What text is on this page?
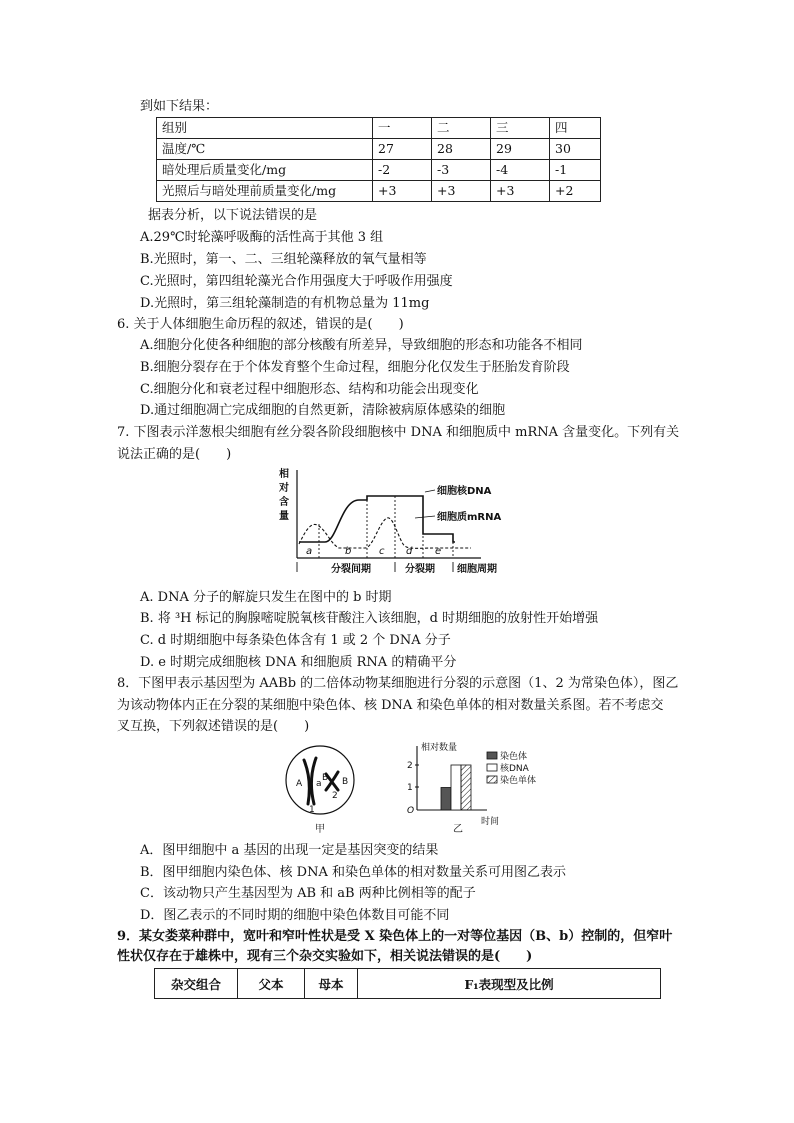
到如下结果：
组别	一	二	三	四
温度/℃	27	28	29	30
暗处理后质量变化/mg	-2	-3	-4	-1
光照后与暗处理前质量变化/mg	+3	+3	+3	+2
据表分析，以下说法错误的是
A.29℃时轮藻呼吸酶的活性高于其他 3 组
B.光照时，第一、二、三组轮藻释放的氧气量相等
C.光照时，第四组轮藻光合作用强度大于呼吸作用强度
D.光照时，第三组轮藻制造的有机物总量为 11mg
6. 关于人体细胞生命历程的叙述，错误的是(　　)
A.细胞分化使各种细胞的部分核酸有所差异，导致细胞的形态和功能各不相同
B.细胞分裂存在于个体发育整个生命过程，细胞分化仅发生于胚胎发育阶段
C.细胞分化和衰老过程中细胞形态、结构和功能会出现变化
D.通过细胞凋亡完成细胞的自然更新，清除被病原体感染的细胞
7. 下图表示洋葱根尖细胞有丝分裂各阶段细胞核中 DNA 和细胞质中 mRNA 含量变化。下列有关
说法正确的是(　　)
相
对
含
量
a	b	c d e
细胞核DNA
细胞质mRNA
分裂间期	分裂期 细胞周期
A. DNA 分子的解旋只发生在图中的 b 时期
B. 将 ³H 标记的胸腺嘧啶脱氧核苷酸注入该细胞，d 时期细胞的放射性开始增强
C. d 时期细胞中每条染色体含有 1 或 2 个 DNA 分子
D. e 时期完成细胞核 DNA 和细胞质 RNA 的精确平分
8．下图甲表示基因型为 AABb 的二倍体动物某细胞进行分裂的示意图（1、2 为常染色体），图乙
为该动物体内正在分裂的某细胞中染色体、核 DNA 和染色单体的相对数量关系图。若不考虑交
叉互换，下列叙述错误的是(　　)
A a
B B
1
2
甲
相对数量
2
1
O
时间
染色体
核DNA
染色单体
乙
A．图甲细胞中 a 基因的出现一定是基因突变的结果
B．图甲细胞内染色体、核 DNA 和染色单体的相对数量关系可用图乙表示
C．该动物只产生基因型为 AB 和 aB 两种比例相等的配子
D．图乙表示的不同时期的细胞中染色体数目可能不同
9．某女娄菜种群中，宽叶和窄叶性状是受 X 染色体上的一对等位基因（B、b）控制的，但窄叶
性状仅存在于雄株中，现有三个杂交实验如下，相关说法错误的是(　　)
杂交组合	父本	母本	F₁表现型及比例
